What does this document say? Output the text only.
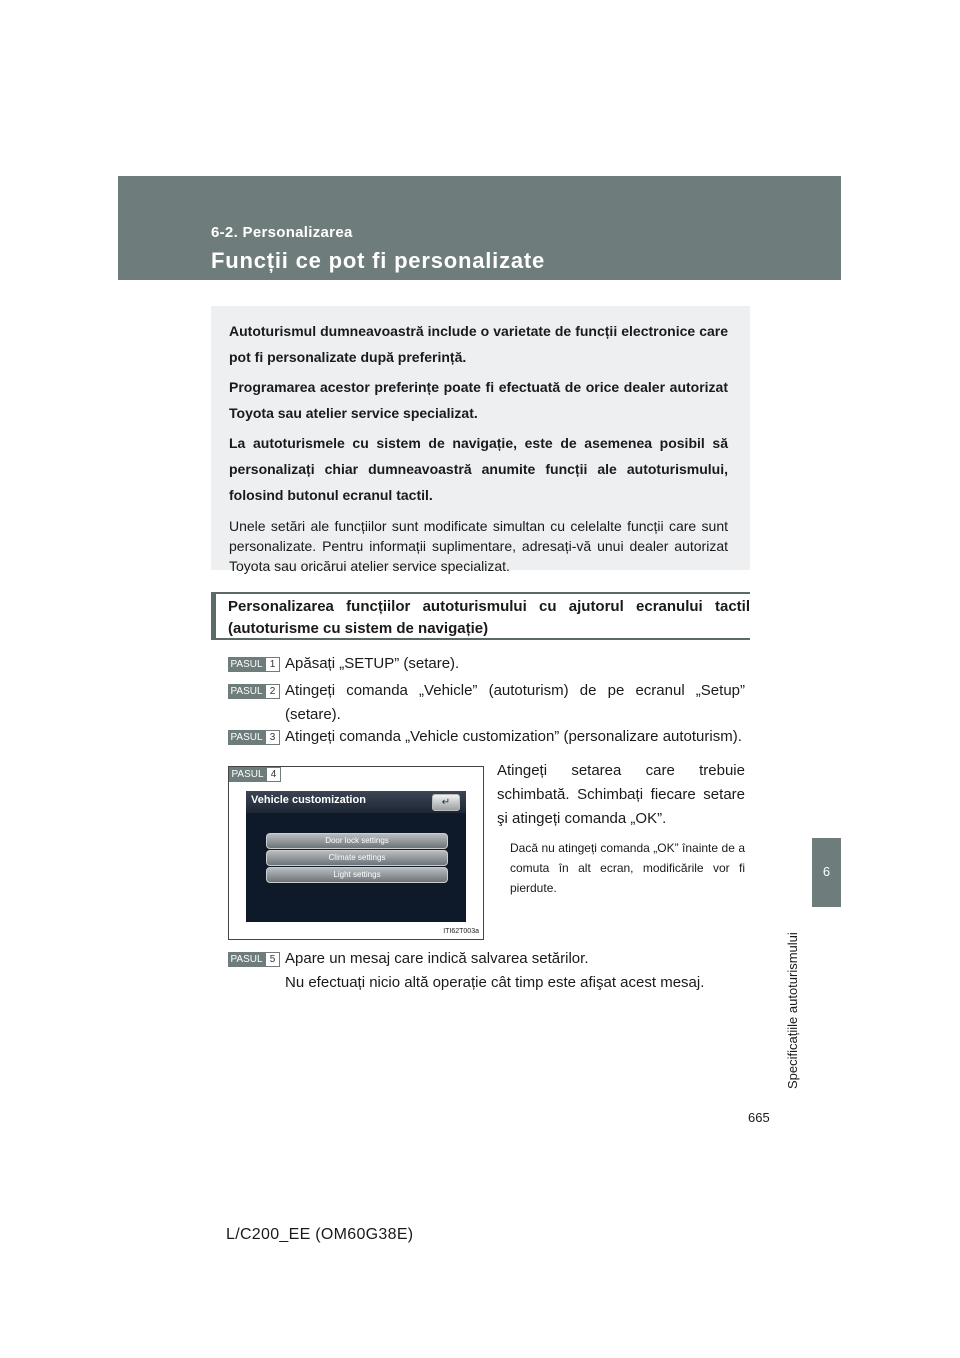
6-2. Personalizarea
Funcții ce pot fi personalizate
6
Specificațiile autoturismului

Autoturismul dumneavoastră include o varietate de funcții electronice care pot fi personalizate după preferință.

Programarea acestor preferințe poate fi efectuată de orice dealer autorizat Toyota sau atelier service specializat.

La autoturismele cu sistem de navigație, este de asemenea posibil să personalizați chiar dumneavoastră anumite funcții ale autoturismului, folosind butonul ecranul tactil.

Unele setări ale funcțiilor sunt modificate simultan cu celelalte funcții care sunt personalizate. Pentru informații suplimentare, adresați-vă unui dealer autorizat Toyota sau oricărui atelier service specializat.

Personalizarea funcțiilor autoturismului cu ajutorul ecranului tactil (autoturisme cu sistem de navigație)
PASUL 1 Apăsați „SETUP” (setare).
PASUL 2 Atingeți comanda „Vehicle” (autoturism) de pe ecranul „Setup” (setare).
PASUL 3 Atingeți comanda „Vehicle customization” (personalizare autoturism).
PASUL 4
Vehicle customization	↵
Door lock settings
Climate settings
Light settings
ITI62T003a
Atingeți setarea care trebuie schimbată. Schimbați fiecare setare şi atingeți comanda „OK”.
Dacă nu atingeți comanda „OK” înainte de a comuta în alt ecran, modificările vor fi pierdute.
PASUL 5 Apare un mesaj care indică salvarea setărilor.
Nu efectuați nicio altă operație cât timp este afişat acest mesaj.
665
L/C200_EE (OM60G38E)
